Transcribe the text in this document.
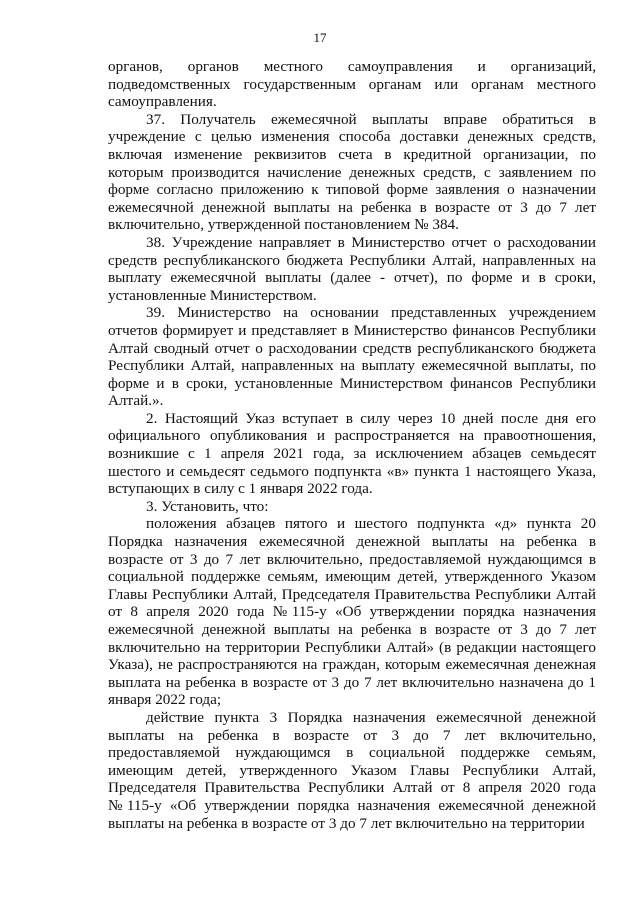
17

органов, органов местного самоуправления и организаций, подведомственных государственным органам или органам местного самоуправления.

37. Получатель ежемесячной выплаты вправе обратиться в учреждение с целью изменения способа доставки денежных средств, включая изменение реквизитов счета в кредитной организации, по которым производится начисление денежных средств, с заявлением по форме согласно приложению к типовой форме заявления о назначении ежемесячной денежной выплаты на ребенка в возрасте от 3 до 7 лет включительно, утвержденной постановлением № 384.

38. Учреждение направляет в Министерство отчет о расходовании средств республиканского бюджета Республики Алтай, направленных на выплату ежемесячной выплаты (далее - отчет), по форме и в сроки, установленные Министерством.

39. Министерство на основании представленных учреждением отчетов формирует и представляет в Министерство финансов Республики Алтай сводный отчет о расходовании средств республиканского бюджета Республики Алтай, направленных на выплату ежемесячной выплаты, по форме и в сроки, установленные Министерством финансов Республики Алтай.».

2. Настоящий Указ вступает в силу через 10 дней после дня его официального опубликования и распространяется на правоотношения, возникшие с 1 апреля 2021 года, за исключением абзацев семьдесят шестого и семьдесят седьмого подпункта «в» пункта 1 настоящего Указа, вступающих в силу с 1 января 2022 года.

3. Установить, что:

положения абзацев пятого и шестого подпункта «д» пункта 20 Порядка назначения ежемесячной денежной выплаты на ребенка в возрасте от 3 до 7 лет включительно, предоставляемой нуждающимся в социальной поддержке семьям, имеющим детей, утвержденного Указом Главы Республики Алтай, Председателя Правительства Республики Алтай от 8 апреля 2020 года №115-у «Об утверждении порядка назначения ежемесячной денежной выплаты на ребенка в возрасте от 3 до 7 лет включительно на территории Республики Алтай» (в редакции настоящего Указа), не распространяются на граждан, которым ежемесячная денежная выплата на ребенка в возрасте от 3 до 7 лет включительно назначена до 1 января 2022 года;

действие пункта 3 Порядка назначения ежемесячной денежной выплаты на ребенка в возрасте от 3 до 7 лет включительно, предоставляемой нуждающимся в социальной поддержке семьям, имеющим детей, утвержденного Указом Главы Республики Алтай, Председателя Правительства Республики Алтай от 8 апреля 2020 года №115-у «Об утверждении порядка назначения ежемесячной денежной выплаты на ребенка в возрасте от 3 до 7 лет включительно на территории
